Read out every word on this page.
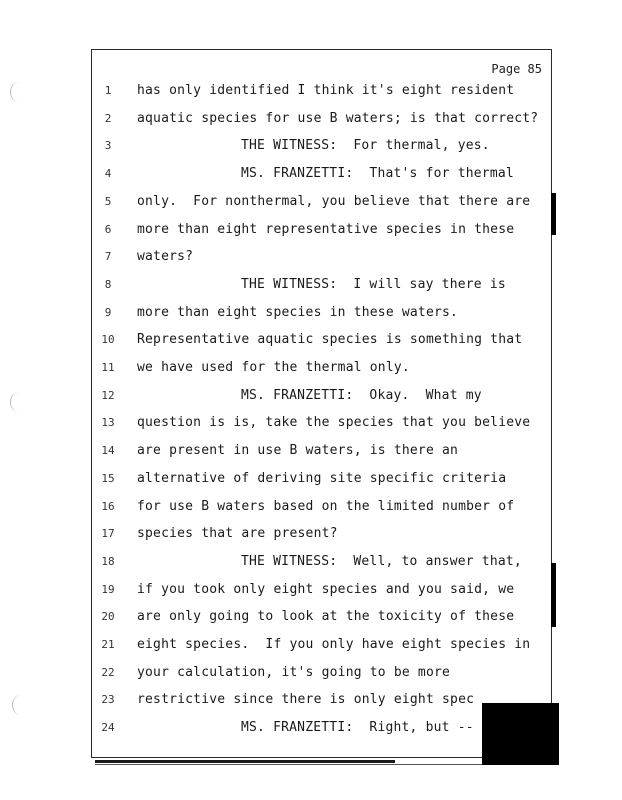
Page 85
1	has only identified I think it's eight resident
2	aquatic species for use B waters; is that correct?
3	THE WITNESS:  For thermal, yes.
4	MS. FRANZETTI:  That's for thermal
5	only.  For nonthermal, you believe that there are
6	more than eight representative species in these
7	waters?
8	THE WITNESS:  I will say there is
9	more than eight species in these waters.
10	Representative aquatic species is something that
11	we have used for the thermal only.
12	MS. FRANZETTI:  Okay.  What my
13	question is is, take the species that you believe
14	are present in use B waters, is there an
15	alternative of deriving site specific criteria
16	for use B waters based on the limited number of
17	species that are present?
18	THE WITNESS:  Well, to answer that,
19	if you took only eight species and you said, we
20	are only going to look at the toxicity of these
21	eight species.  If you only have eight species in
22	your calculation, it's going to be more
23	restrictive since there is only eight spec
24	MS. FRANZETTI:  Right, but --
